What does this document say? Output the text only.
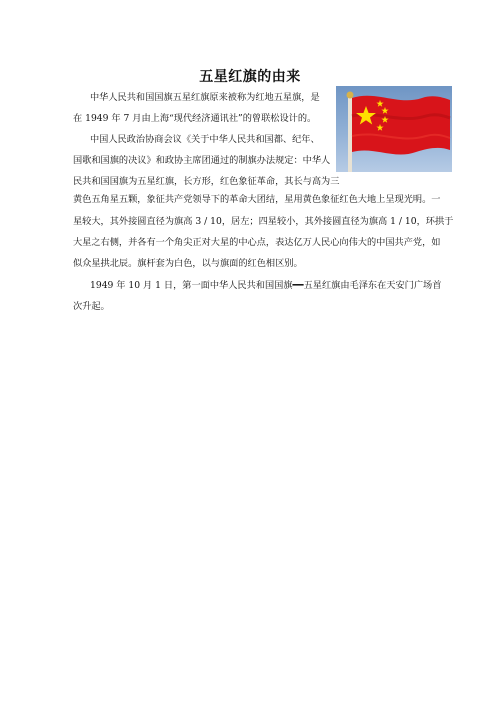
五星红旗的由来
中华人民共和国国旗五星红旗原来被称为红地五星旗，是
在 1949 年 7 月由上海“现代经济通讯社”的曾联松设计的。
中国人民政治协商会议《关于中华人民共和国都、纪年、
国歌和国旗的决议》和政协主席团通过的制旗办法规定：中华人
民共和国国旗为五星红旗，长方形，红色象征革命，其长与高为三
黄色五角星五颗，象征共产党领导下的革命大团结，星用黄色象征红色大地上呈现光明。一
星较大，其外接圆直径为旗高 3 / 10，居左；四星较小，其外接圆直径为旗高 1 / 10，环拱于
大星之右侧，并各有一个角尖正对大星的中心点，表达亿万人民心向伟大的中国共产党，如
似众星拱北辰。旗杆套为白色，以与旗面的红色相区别。
1949 年 10 月 1 日，第一面中华人民共和国国旗━━五星红旗由毛泽东在天安门广场首
次升起。
